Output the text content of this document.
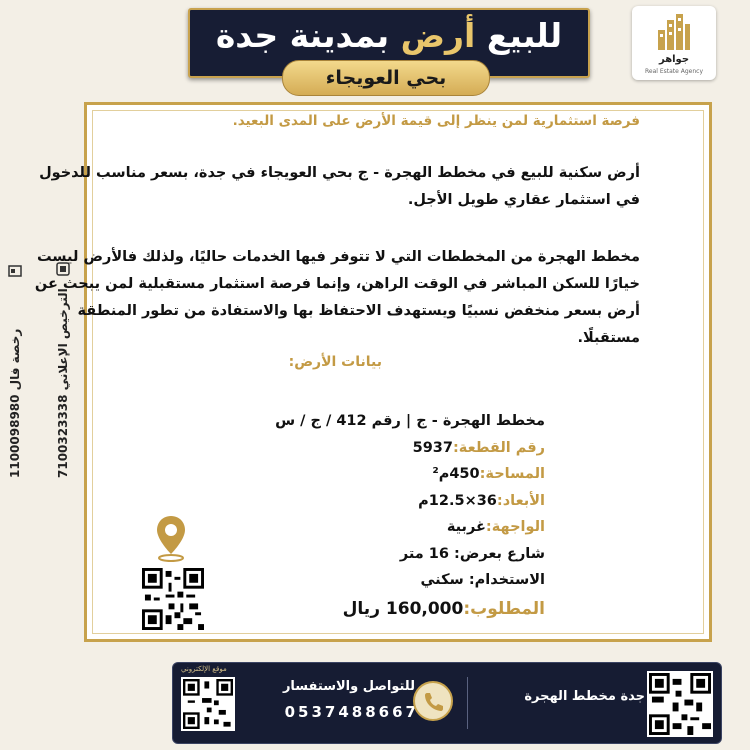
للبيع أرض بمدينة جدة
بحي العويجاء
جواهر
Real Estate Agency
رخصة فال 1100098980
الترخيص الإعلاني 7100323338
فرصة استثمارية لمن ينظر إلى قيمة الأرض على المدى البعيد.
أرض سكنية للبيع في مخطط الهجرة - ج بحي العويجاء في جدة، بسعر مناسب للدخول في استثمار عقاري طويل الأجل.
مخطط الهجرة من المخططات التي لا تتوفر فيها الخدمات حاليًا، ولذلك فالأرض ليست خيارًا للسكن المباشر في الوقت الراهن، وإنما فرصة استثمار مستقبلية لمن يبحث عن أرض بسعر منخفض نسبيًا ويستهدف الاحتفاظ بها والاستفادة من تطور المنطقة مستقبلًا.
بيانات الأرض:
مخطط الهجرة - ج | رقم 412 / ج / س
رقم القطعة:5937
المساحة:450م²
الأبعاد:36×12.5م
الواجهة:غربية
شارع بعرض: 16 متر
الاستخدام: سكني
المطلوب:160,000 ريال
موقع الإلكتروني
للتواصل والاستفسار
0537488667
جدة مخطط الهجرة
